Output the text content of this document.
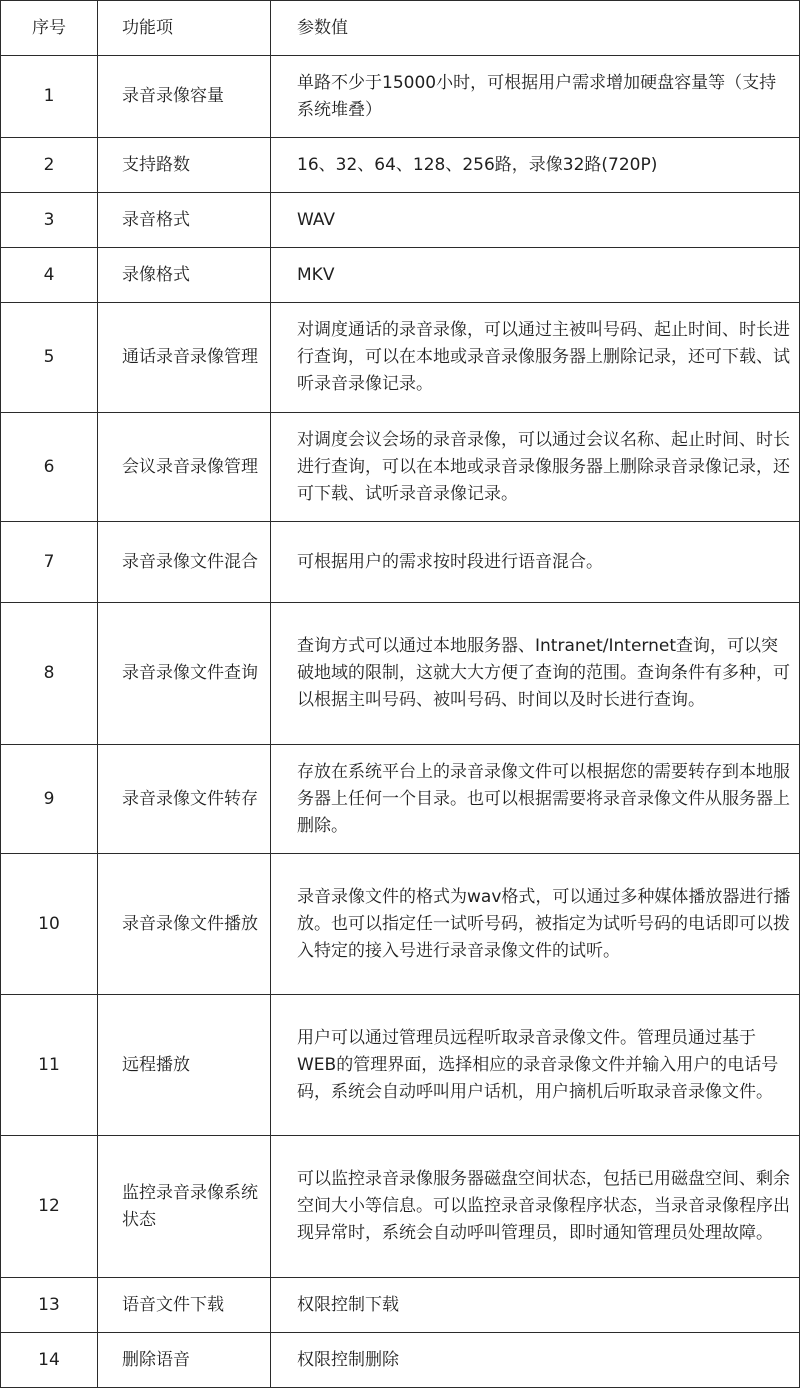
序号	功能项	参数值
1	录音录像容量	单路不少于15000小时，可根据用户需求增加硬盘容量等（支持系统堆叠）
2	支持路数	16、32、64、128、256路，录像32路(720P)
3	录音格式	WAV
4	录像格式	MKV
5	通话录音录像管理	对调度通话的录音录像，可以通过主被叫号码、起止时间、时长进行查询，可以在本地或录音录像服务器上删除记录，还可下载、试听录音录像记录。
6	会议录音录像管理	对调度会议会场的录音录像，可以通过会议名称、起止时间、时长进行查询，可以在本地或录音录像服务器上删除录音录像记录，还可下载、试听录音录像记录。
7	录音录像文件混合	可根据用户的需求按时段进行语音混合。
8	录音录像文件查询	查询方式可以通过本地服务器、Intranet/Internet查询，可以突破地域的限制，这就大大方便了查询的范围。查询条件有多种，可以根据主叫号码、被叫号码、时间以及时长进行查询。
9	录音录像文件转存	存放在系统平台上的录音录像文件可以根据您的需要转存到本地服务器上任何一个目录。也可以根据需要将录音录像文件从服务器上删除。
10	录音录像文件播放	录音录像文件的格式为wav格式，可以通过多种媒体播放器进行播放。也可以指定任一试听号码，被指定为试听号码的电话即可以拨入特定的接入号进行录音录像文件的试听。
11	远程播放	用户可以通过管理员远程听取录音录像文件。管理员通过基于WEB的管理界面，选择相应的录音录像文件并输入用户的电话号码，系统会自动呼叫用户话机，用户摘机后听取录音录像文件。
12	监控录音录像系统状态	可以监控录音录像服务器磁盘空间状态，包括已用磁盘空间、剩余空间大小等信息。可以监控录音录像程序状态，当录音录像程序出现异常时，系统会自动呼叫管理员，即时通知管理员处理故障。
13	语音文件下载	权限控制下载
14	删除语音	权限控制删除
